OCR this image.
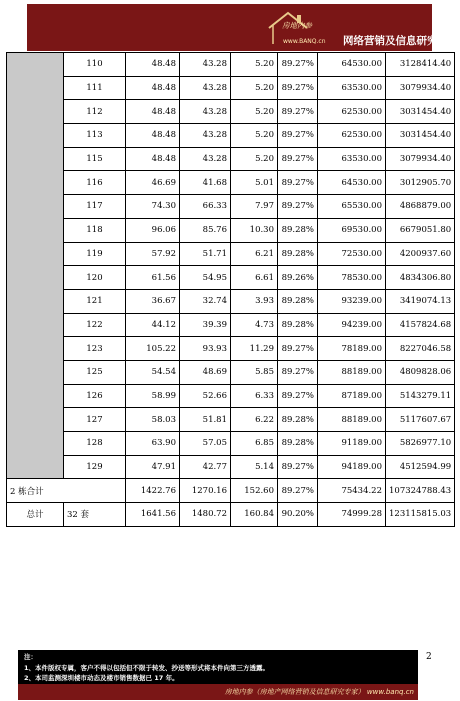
房地内参
www.BANQ.cn 网络营销及信息研究专家
	110	48.48	43.28	5.20	89.27%	64530.00	3128414.40
	111	48.48	43.28	5.20	89.27%	63530.00	3079934.40
	112	48.48	43.28	5.20	89.27%	62530.00	3031454.40
	113	48.48	43.28	5.20	89.27%	62530.00	3031454.40
	115	48.48	43.28	5.20	89.27%	63530.00	3079934.40
	116	46.69	41.68	5.01	89.27%	64530.00	3012905.70
	117	74.30	66.33	7.97	89.27%	65530.00	4868879.00
	118	96.06	85.76	10.30	89.28%	69530.00	6679051.80
	119	57.92	51.71	6.21	89.28%	72530.00	4200937.60
	120	61.56	54.95	6.61	89.26%	78530.00	4834306.80
	121	36.67	32.74	3.93	89.28%	93239.00	3419074.13
	122	44.12	39.39	4.73	89.28%	94239.00	4157824.68
	123	105.22	93.93	11.29	89.27%	78189.00	8227046.58
	125	54.54	48.69	5.85	89.27%	88189.00	4809828.06
	126	58.99	52.66	6.33	89.27%	87189.00	5143279.11
	127	58.03	51.81	6.22	89.28%	88189.00	5117607.67
	128	63.90	57.05	6.85	89.28%	91189.00	5826977.10
	129	47.91	42.77	5.14	89.27%	94189.00	4512594.99
2 栋合计		1422.76	1270.16	152.60	89.27%	75434.22	107324788.43
总计	32 套	1641.56	1480.72	160.84	90.20%	74999.28	123115815.03
2
注：
1、本件版权专属，客户不得以包括但不限于转发、抄送等形式将本件向第三方透露。
2、本司监测深圳楼市动态及楼市销售数据已 17 年。
房地内参（房地产网络营销及信息研究专家） www.banq.cn
